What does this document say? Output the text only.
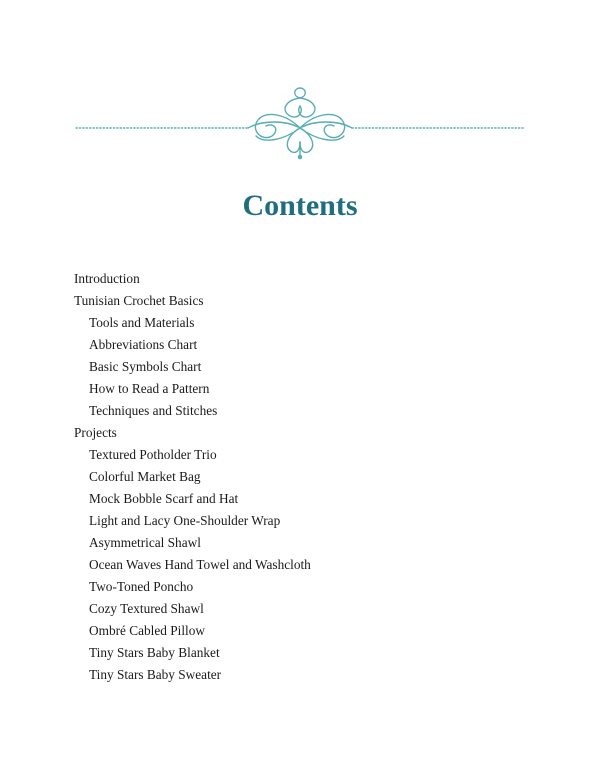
Contents
Introduction
Tunisian Crochet Basics
Tools and Materials
Abbreviations Chart
Basic Symbols Chart
How to Read a Pattern
Techniques and Stitches
Projects
Textured Potholder Trio
Colorful Market Bag
Mock Bobble Scarf and Hat
Light and Lacy One-Shoulder Wrap
Asymmetrical Shawl
Ocean Waves Hand Towel and Washcloth
Two-Toned Poncho
Cozy Textured Shawl
Ombré Cabled Pillow
Tiny Stars Baby Blanket
Tiny Stars Baby Sweater
